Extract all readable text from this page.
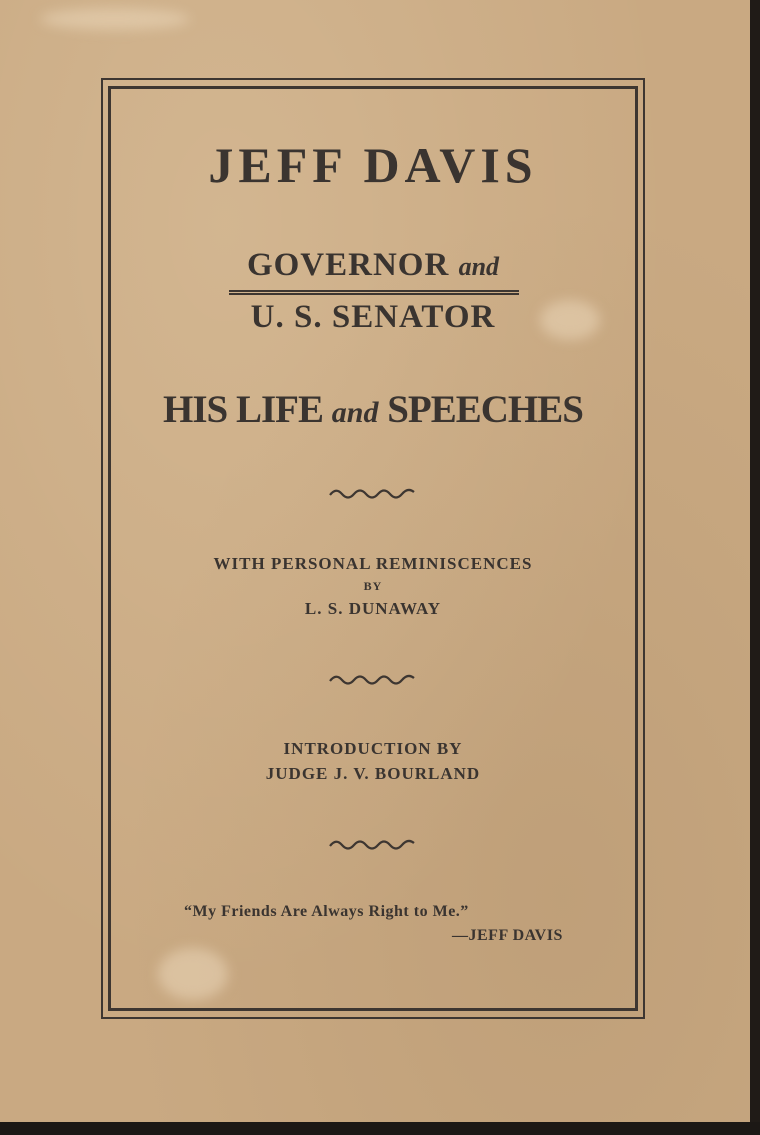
JEFF DAVIS
GOVERNOR and
U. S. SENATOR
HIS LIFE and SPEECHES
WITH PERSONAL REMINISCENCES
BY
L. S. DUNAWAY
INTRODUCTION BY
JUDGE J. V. BOURLAND
“My Friends Are Always Right to Me.”
—JEFF DAVIS
